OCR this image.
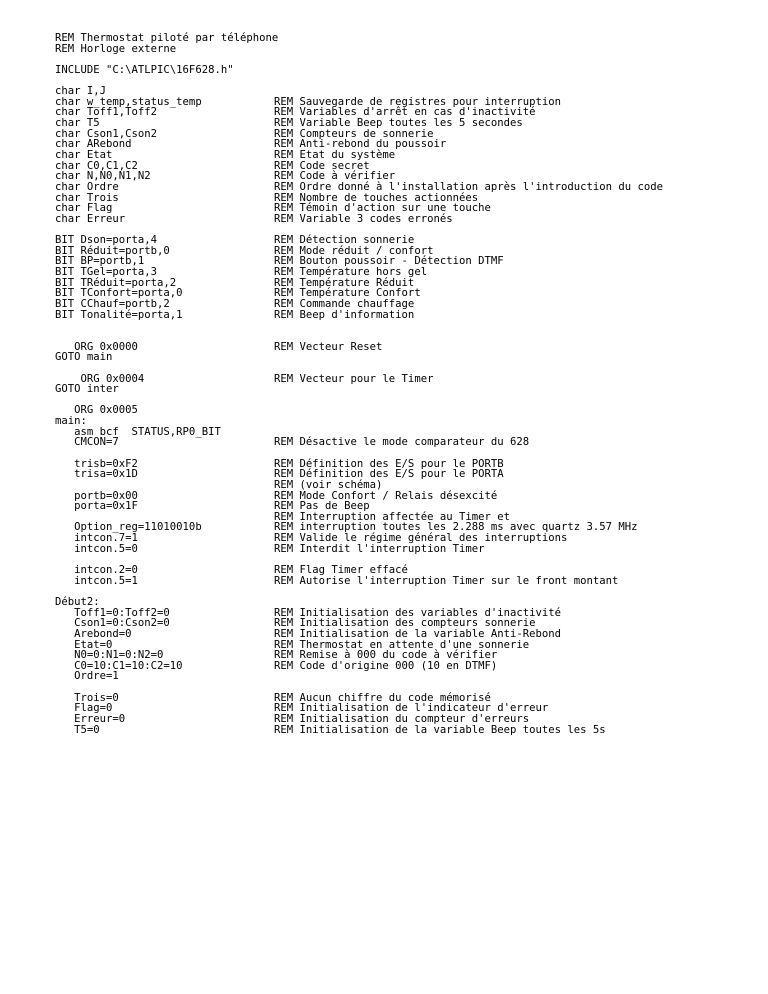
REM Thermostat piloté par téléphone
REM Horloge externe
INCLUDE "C:\ATLPIC\16F628.h"
char I,J
char w_temp,status_temp	REM Sauvegarde de registres pour interruption
char Toff1,Toff2	REM Variables d'arrêt en cas d'inactivité
char T5	REM Variable Beep toutes les 5 secondes
char Cson1,Cson2	REM Compteurs de sonnerie
char ARebond	REM Anti-rebond du poussoir
char Etat	REM Etat du système
char C0,C1,C2	REM Code secret
char N,N0,N1,N2	REM Code à vérifier
char Ordre	REM Ordre donné à l'installation après l'introduction du code
char Trois	REM Nombre de touches actionnées
char Flag	REM Témoin d'action sur une touche
char Erreur	REM Variable 3 codes erronés
BIT Dson=porta,4	REM Détection sonnerie
BIT Réduit=portb,0	REM Mode réduit / confort
BIT BP=portb,1	REM Bouton poussoir - Détection DTMF
BIT TGel=porta,3	REM Température hors gel
BIT TRéduit=porta,2	REM Température Réduit
BIT TConfort=porta,0	REM Température Confort
BIT CChauf=portb,2	REM Commande chauffage
BIT Tonalité=porta,1	REM Beep d'information
ORG 0x0000	REM Vecteur Reset
GOTO main
ORG 0x0004	REM Vecteur pour le Timer
GOTO inter
ORG 0x0005
main:
asm bcf  STATUS,RP0_BIT
CMCON=7	REM Désactive le mode comparateur du 628
trisb=0xF2	REM Définition des E/S pour le PORTB
trisa=0x1D	REM Définition des E/S pour le PORTA
REM (voir schéma)
portb=0x00	REM Mode Confort / Relais désexcité
porta=0x1F	REM Pas de Beep
REM Interruption affectée au Timer et
Option_reg=11010010b	REM interruption toutes les 2.288 ms avec quartz 3.57 MHz
intcon.7=1	REM Valide le régime général des interruptions
intcon.5=0	REM Interdit l'interruption Timer
intcon.2=0	REM Flag Timer effacé
intcon.5=1	REM Autorise l'interruption Timer sur le front montant
Début2:
Toff1=0:Toff2=0	REM Initialisation des variables d'inactivité
Cson1=0:Cson2=0	REM Initialisation des compteurs sonnerie
Arebond=0	REM Initialisation de la variable Anti-Rebond
Etat=0	REM Thermostat en attente d'une sonnerie
N0=0:N1=0:N2=0	REM Remise à 000 du code à vérifier
C0=10:C1=10:C2=10	REM Code d'origine 000 (10 en DTMF)
Ordre=1
Trois=0	REM Aucun chiffre du code mémorisé
Flag=0	REM Initialisation de l'indicateur d'erreur
Erreur=0	REM Initialisation du compteur d'erreurs
T5=0	REM Initialisation de la variable Beep toutes les 5s
